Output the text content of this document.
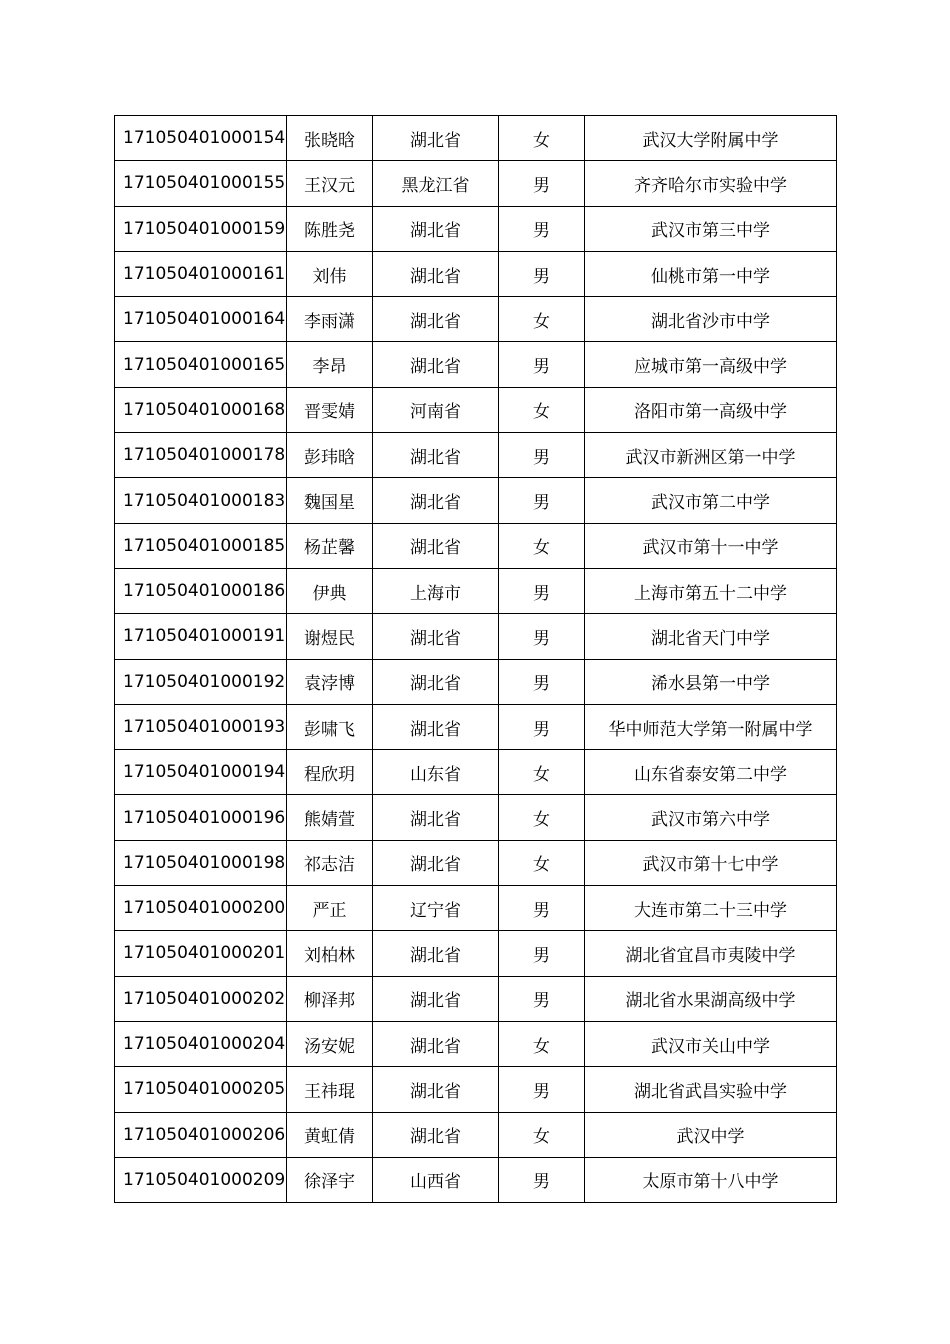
171050401000154	张晓晗	湖北省	女	武汉大学附属中学
171050401000155	王汉元	黑龙江省	男	齐齐哈尔市实验中学
171050401000159	陈胜尧	湖北省	男	武汉市第三中学
171050401000161	刘伟	湖北省	男	仙桃市第一中学
171050401000164	李雨潇	湖北省	女	湖北省沙市中学
171050401000165	李昂	湖北省	男	应城市第一高级中学
171050401000168	晋雯婧	河南省	女	洛阳市第一高级中学
171050401000178	彭玮晗	湖北省	男	武汉市新洲区第一中学
171050401000183	魏国星	湖北省	男	武汉市第二中学
171050401000185	杨芷馨	湖北省	女	武汉市第十一中学
171050401000186	伊典	上海市	男	上海市第五十二中学
171050401000191	谢煜民	湖北省	男	湖北省天门中学
171050401000192	袁浡博	湖北省	男	浠水县第一中学
171050401000193	彭啸飞	湖北省	男	华中师范大学第一附属中学
171050401000194	程欣玥	山东省	女	山东省泰安第二中学
171050401000196	熊婧萱	湖北省	女	武汉市第六中学
171050401000198	祁志洁	湖北省	女	武汉市第十七中学
171050401000200	严正	辽宁省	男	大连市第二十三中学
171050401000201	刘柏林	湖北省	男	湖北省宜昌市夷陵中学
171050401000202	柳泽邦	湖北省	男	湖北省水果湖高级中学
171050401000204	汤安妮	湖北省	女	武汉市关山中学
171050401000205	王祎琨	湖北省	男	湖北省武昌实验中学
171050401000206	黄虹倩	湖北省	女	武汉中学
171050401000209	徐泽宇	山西省	男	太原市第十八中学
